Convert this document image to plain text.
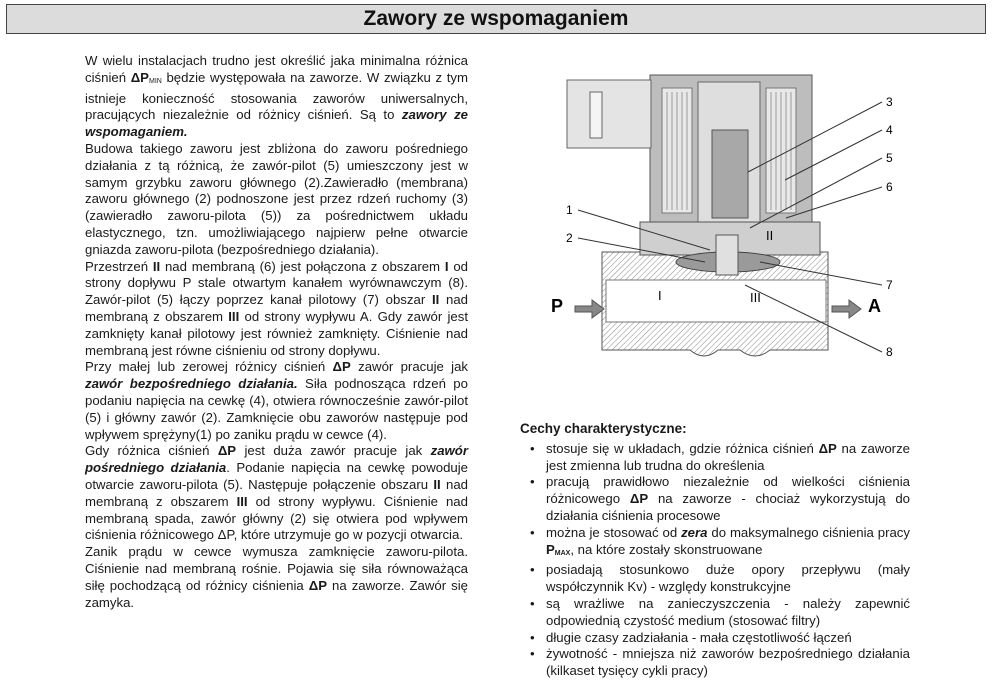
Zawory ze wspomaganiem

W wielu instalacjach trudno jest określić jaka minimalna różnica ciśnień ΔPMIN będzie występowała na zaworze. W związku z tym istnieje konieczność stosowania zaworów uniwersalnych, pracujących niezależnie od różnicy ciśnień. Są to zawory ze wspomaganiem.

Budowa takiego zaworu jest zbliżona do zaworu pośredniego działania z tą różnicą, że zawór-pilot (5) umieszczony jest w samym grzybku zaworu głównego (2).Zawieradło (membrana) zaworu głównego (2) podnoszone jest przez rdzeń ruchomy (3) (zawieradło zaworu-pilota (5)) za pośrednictwem układu elastycznego, tzn. umożliwiającego najpierw pełne otwarcie gniazda zaworu-pilota (bezpośredniego działania).

Przestrzeń II nad membraną (6) jest połączona z obszarem I od strony dopływu P stale otwartym kanałem wyrównawczym (8). Zawór-pilot (5) łączy poprzez kanał pilotowy (7) obszar II nad membraną z obszarem III od strony wypływu A. Gdy zawór jest zamknięty kanał pilotowy jest również zamknięty. Ciśnienie nad membraną jest równe ciśnieniu od strony dopływu.

Przy małej lub zerowej różnicy ciśnień ΔP zawór pracuje jak zawór bezpośredniego działania. Siła podnosząca rdzeń po podaniu napięcia na cewkę (4), otwiera równocześnie zawór-pilot (5) i główny zawór (2). Zamknięcie obu zaworów następuje pod wpływem sprężyny(1) po zaniku prądu w cewce (4).

Gdy różnica ciśnień ΔP jest duża zawór pracuje jak zawór pośredniego działania. Podanie napięcia na cewkę powoduje otwarcie zaworu-pilota (5). Następuje połączenie obszaru II nad membraną z obszarem III od strony wypływu. Ciśnienie nad membraną spada, zawór główny (2) się otwiera pod wpływem ciśnienia różnicowego ΔP, które utrzymuje go w pozycji otwarcia.

Zanik prądu w cewce wymusza zamknięcie zaworu-pilota. Ciśnienie nad membraną rośnie. Pojawia się siła równoważąca siłę pochodzącą od różnicy ciśnienia ΔP na zaworze. Zawór się zamyka.

1
2
3
4
5
6
7
8
I
II
III
P	A
Cechy charakterystyczne:
• stosuje się w układach, gdzie różnica ciśnień ΔP na zaworze jest zmienna lub trudna do określenia
• pracują prawidłowo niezależnie od wielkości ciśnienia różnicowego ΔP na zaworze - chociaż wykorzystują do działania ciśnienia procesowe
• można je stosować od zera do maksymalnego ciśnienia pracy PMAX, na które zostały skonstruowane
• posiadają stosunkowo duże opory przepływu (mały współczynnik Kv) - względy konstrukcyjne
• są wrażliwe na zanieczyszczenia - należy zapewnić odpowiednią czystość medium (stosować filtry)
• długie czasy zadziałania - mała częstotliwość łączeń
• żywotność - mniejsza niż zaworów bezpośredniego działania (kilkaset tysięcy cykli pracy)
